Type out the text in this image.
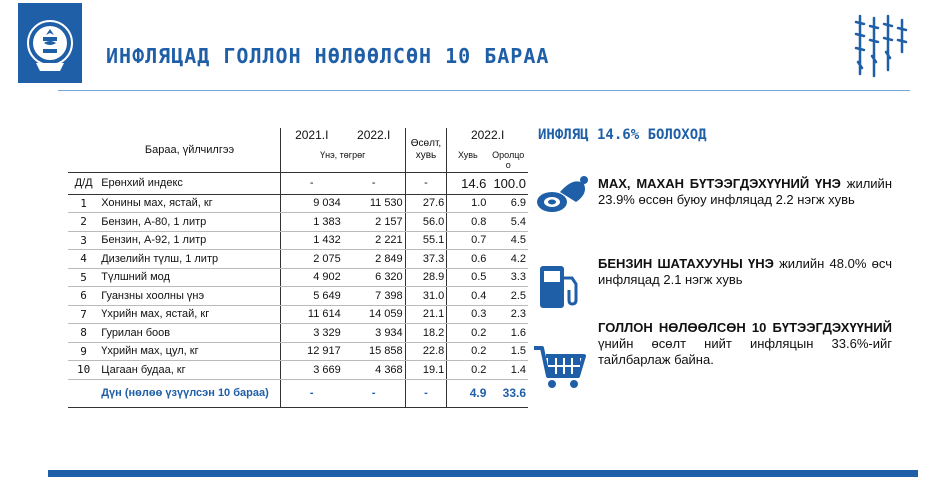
ИНФЛЯЦАД ГОЛЛОН НӨЛӨӨЛСӨН 10 БАРАА
	Бараа, үйлчилгээ	2021.I	2022.I	Өсөлт, хувь	2022.I	
		Үнэ, төгрөг			Хувь	Оролцоо
Д/Д	Ерөнхий индекс	-	-	-	14.6	100.0
1	Хонины мах, ястай, кг	9 034	11 530	27.6	1.0	6.9
2	Бензин, А-80, 1 литр	1 383	2 157	56.0	0.8	5.4
3	Бензин, А-92, 1 литр	1 432	2 221	55.1	0.7	4.5
4	Дизелийн түлш, 1 литр	2 075	2 849	37.3	0.6	4.2
5	Түлшний мод	4 902	6 320	28.9	0.5	3.3
6	Гуанзны хоолны үнэ	5 649	7 398	31.0	0.4	2.5
7	Үхрийн мах, ястай, кг	11 614	14 059	21.1	0.3	2.3
8	Гурилан боов	3 329	3 934	18.2	0.2	1.6
9	Үхрийн мах, цул, кг	12 917	15 858	22.8	0.2	1.5
10	Цагаан будаа, кг	3 669	4 368	19.1	0.2	1.4
	Дүн (нөлөө үзүүлсэн 10 бараа)	-	-	-	4.9	33.6
ИНФЛЯЦ 14.6% БОЛОХОД
МАХ, МАХАН БҮТЭЭГДЭХҮҮНИЙ ҮНЭ жилийн 23.9% өссөн буюу инфляцад 2.2 нэгж хувь
БЕНЗИН ШАТАХУУНЫ ҮНЭ жилийн 48.0% өсч инфляцад 2.1 нэгж хувь
ГОЛЛОН НӨЛӨӨЛСӨН 10 БҮТЭЭГДЭХҮҮНИЙ үнийн өсөлт нийт инфляцын 33.6%-ийг тайлбарлаж байна.
